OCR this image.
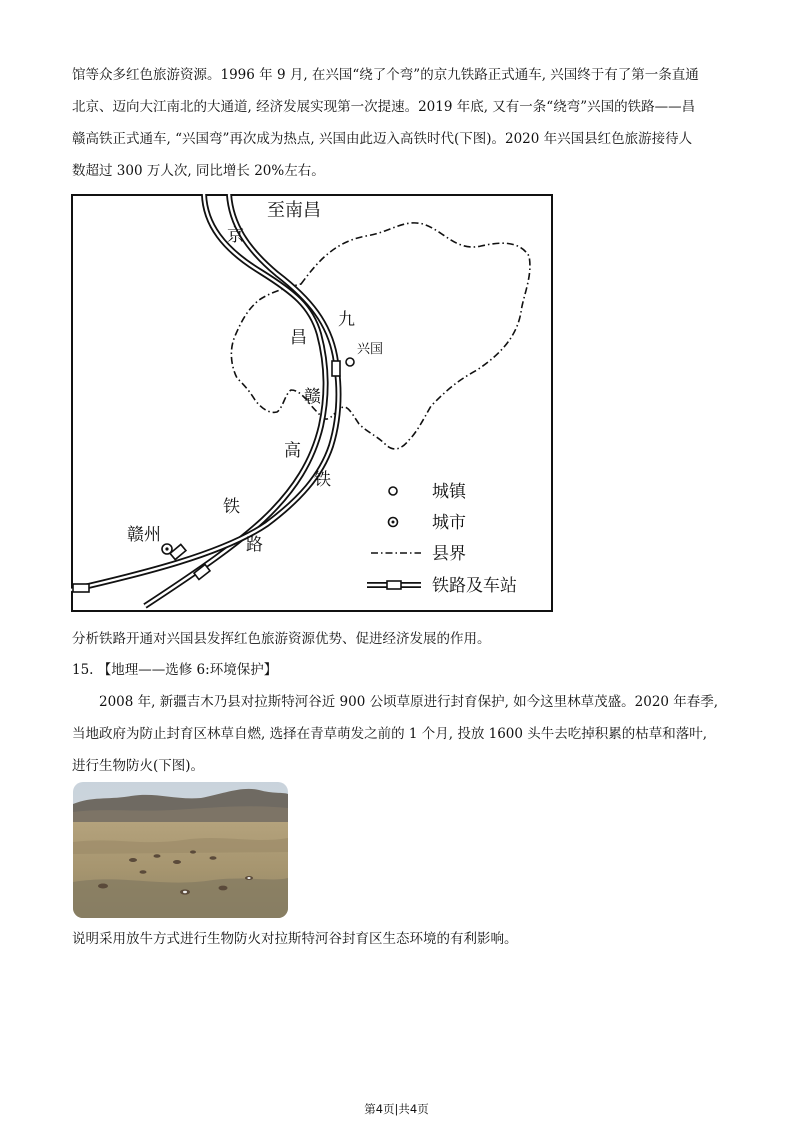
馆等众多红色旅游资源。1996 年 9 月, 在兴国“绕了个弯”的京九铁路正式通车, 兴国终于有了第一条直通

北京、迈向大江南北的大通道, 经济发展实现第一次提速。2019 年底, 又有一条“绕弯”兴国的铁路——昌

赣高铁正式通车, “兴国弯”再次成为热点, 兴国由此迈入高铁时代(下图)。2020 年兴国县红色旅游接待人

数超过 300 万人次, 同比增长 20%左右。

至南昌
京
九
昌
兴国
赣
高
铁
铁
赣州	路
城镇
城市
县界
铁路及车站
分析铁路开通对兴国县发挥红色旅游资源优势、促进经济发展的作用。
15. 【地理——选修 6:环境保护】

2008 年, 新疆吉木乃县对拉斯特河谷近 900 公顷草原进行封育保护, 如今这里林草茂盛。2020 年春季,

当地政府为防止封育区林草自燃, 选择在青草萌发之前的 1 个月, 投放 1600 头牛去吃掉积累的枯草和落叶,

进行生物防火(下图)。

说明采用放牛方式进行生物防火对拉斯特河谷封育区生态环境的有利影响。
第4页|共4页
